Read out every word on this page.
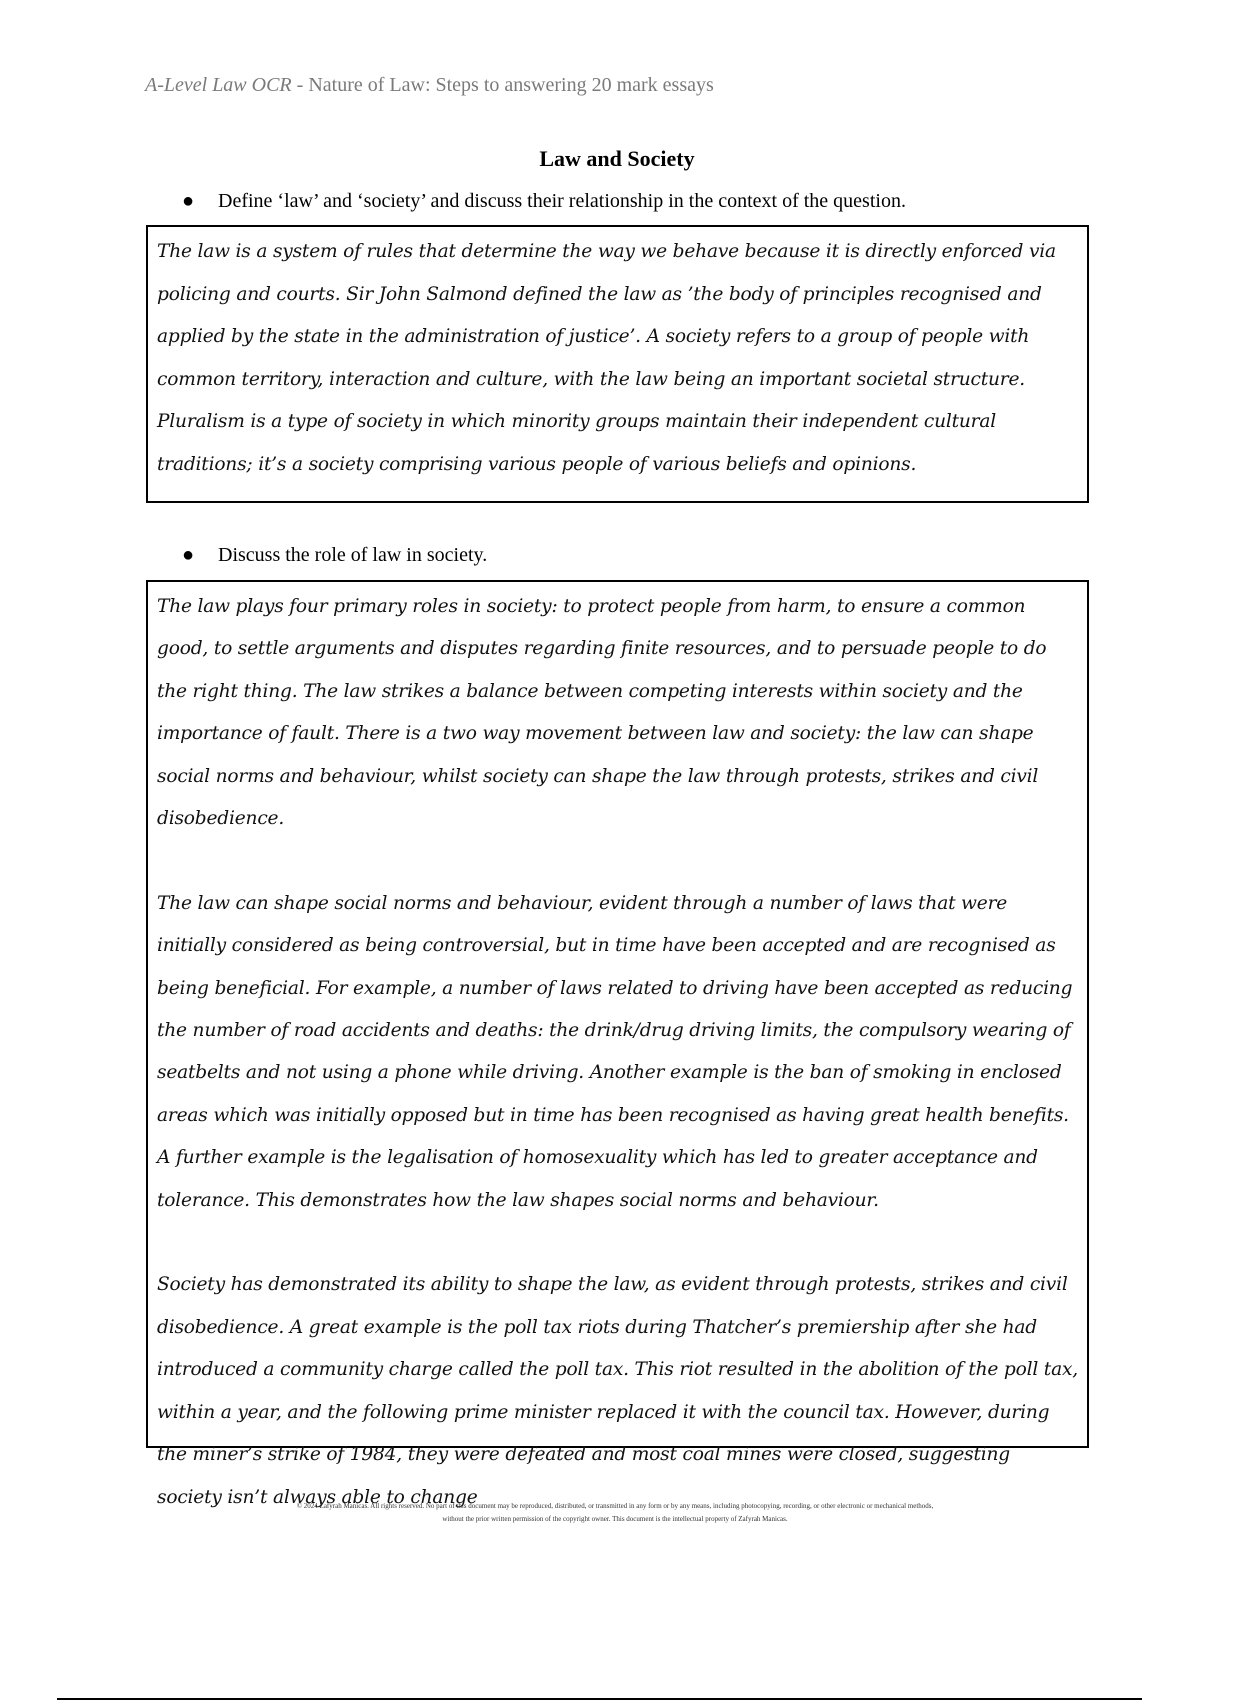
A-Level Law OCR - Nature of Law: Steps to answering 20 mark essays
Law and Society
● Define ‘law’ and ‘society’ and discuss their relationship in the context of the question.

The law is a system of rules that determine the way we behave because it is directly enforced via policing and courts. Sir John Salmond defined the law as ’the body of principles recognised and applied by the state in the administration of justice’. A society refers to a group of people with common territory, interaction and culture, with the law being an important societal structure. Pluralism is a type of society in which minority groups maintain their independent cultural traditions; it’s a society comprising various people of various beliefs and opinions.

● Discuss the role of law in society.

The law plays four primary roles in society: to protect people from harm, to ensure a common good, to settle arguments and disputes regarding finite resources, and to persuade people to do the right thing. The law strikes a balance between competing interests within society and the importance of fault. There is a two way movement between law and society: the law can shape social norms and behaviour, whilst society can shape the law through protests, strikes and civil disobedience.

The law can shape social norms and behaviour, evident through a number of laws that were initially considered as being controversial, but in time have been accepted and are recognised as being beneficial. For example, a number of laws related to driving have been accepted as reducing the number of road accidents and deaths: the drink/drug driving limits, the compulsory wearing of seatbelts and not using a phone while driving. Another example is the ban of smoking in enclosed areas which was initially opposed but in time has been recognised as having great health benefits. A further example is the legalisation of homosexuality which has led to greater acceptance and tolerance. This demonstrates how the law shapes social norms and behaviour.

Society has demonstrated its ability to shape the law, as evident through protests, strikes and civil disobedience. A great example is the poll tax riots during Thatcher’s premiership after she had introduced a community charge called the poll tax. This riot resulted in the abolition of the poll tax, within a year, and the following prime minister replaced it with the council tax. However, during the miner’s strike of 1984, they were defeated and most coal mines were closed, suggesting society isn’t always able to change

© 2024 Zafyrah Manicas. All rights reserved. No part of this document may be reproduced, distributed, or transmitted in any form or by any means, including photocopying, recording, or other electronic or mechanical methods,
without the prior written permission of the copyright owner. This document is the intellectual property of Zafyrah Manicas.
